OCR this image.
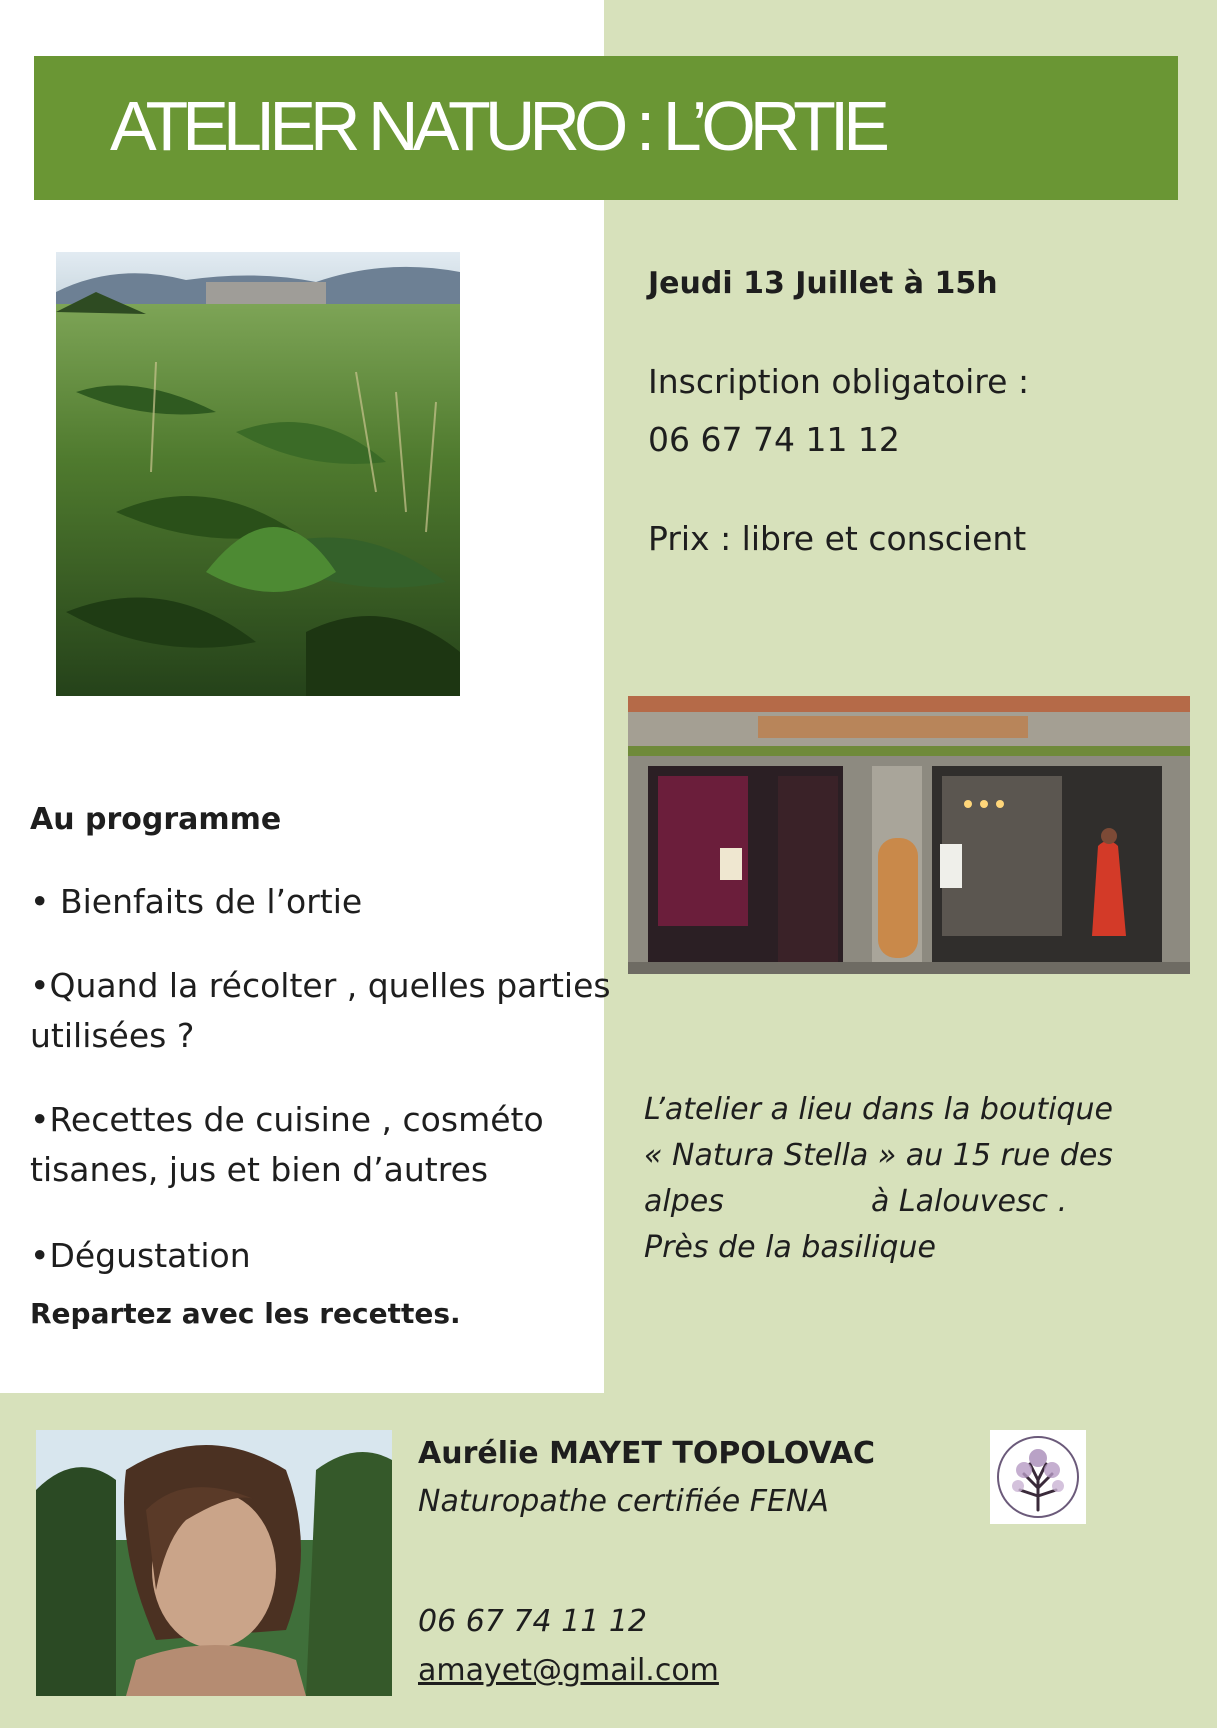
ATELIER NATURO : L’ORTIE
Jeudi 13 Juillet à 15h
Inscription obligatoire :
06 67 74 11 12
Prix : libre et conscient
Au programme
• Bienfaits de l’ortie
•Quand la récolter , quelles parties
utilisées ?
•Recettes de cuisine , cosméto
tisanes, jus et bien d’autres
•Dégustation
Repartez avec les recettes.
L’atelier a lieu dans la boutique
« Natura Stella » au 15 rue des
alpes	à Lalouvesc .
Près de la basilique
Aurélie MAYET TOPOLOVAC
Naturopathe certifiée FENA
06 67 74 11 12
amayet@gmail.com
